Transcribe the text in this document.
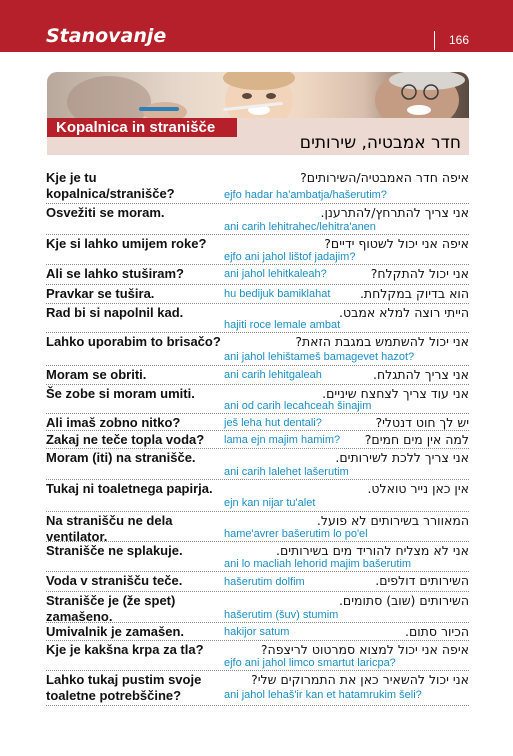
Stanovanje	166
Kopalnica in stranišče
חדר אמבטיה, שירותים
Kje je tu kopalnica/stranišče?
איפה חדר האמבטיה/השירותים?
ejfo hadar ha'ambatja/hašerutim?
Osvežiti se moram.	אני צריך להתרחץ/להתרענן.
ani carih lehitrahec/lehitra'anen
Kje si lahko umijem roke?	איפה אני יכול לשטוף ידיים?
ejfo ani jahol lištof jadajim?
Ali se lahko stuširam?	אני יכול להתקלח?
ani jahol lehitkaleah?
Pravkar se tuširа.	הוא בדיוק במקלחת.
hu bedijuk bamiklahat
Rad bi si napolnil kad.	הייתי רוצה למלא אמבט.
hajiti roce lemale ambat
Lahko uporabim to brisačo?	אני יכול להשתמש במגבת הזאת?
ani jahol lehištameš bamagevet hazot?
Moram se obriti.	אני צריך להתגלח.
ani carih lehitgaleah
Še zobe si moram umiti.	אני עוד צריך לצחצח שיניים.
ani od carih lecahceah šinajim
Ali imaš zobno nitko?	יש לך חוט דנטלי?
ješ leha hut dentali?
Zakaj ne teče topla voda?	למה אין מים חמים?
lama ejn majim hamim?
Moram (iti) na stranišče.	אני צריך ללכת לשירותים.
ani carih lalehet lašerutim
Tukaj ni toaletnega papirja.	אין כאן נייר טואלט.
ejn kan nijar tu'alet
Na stranišču ne dela ventilator.
המאוורר בשירותים לא פועל.
hame'avrer bašerutim lo po'el
Stranišče ne splakuje.	אני לא מצליח להוריד מים בשירותים.
ani lo macliah lehorid majim bašerutim
Voda v stranišču teče.	השירותים דולפים.
hašerutim dolfim
Stranišče je (že spet) zamašeno.
השירותים (שוב) סתומים.
hašerutim (šuv) stumim
Umivalnik je zamašen.	הכיור סתום.
hakijor satum
Kje je kakšna krpa za tla?	איפה אני יכול למצוא סמרטוט לריצפה?
ejfo ani jahol limco smartut laricpa?
Lahko tukaj pustim svoje toaletne potrebščine?
אני יכול להשאיר כאן את התמרוקים שלי?
ani jahol lehaš'ir kan et hatamrukim šeli?
